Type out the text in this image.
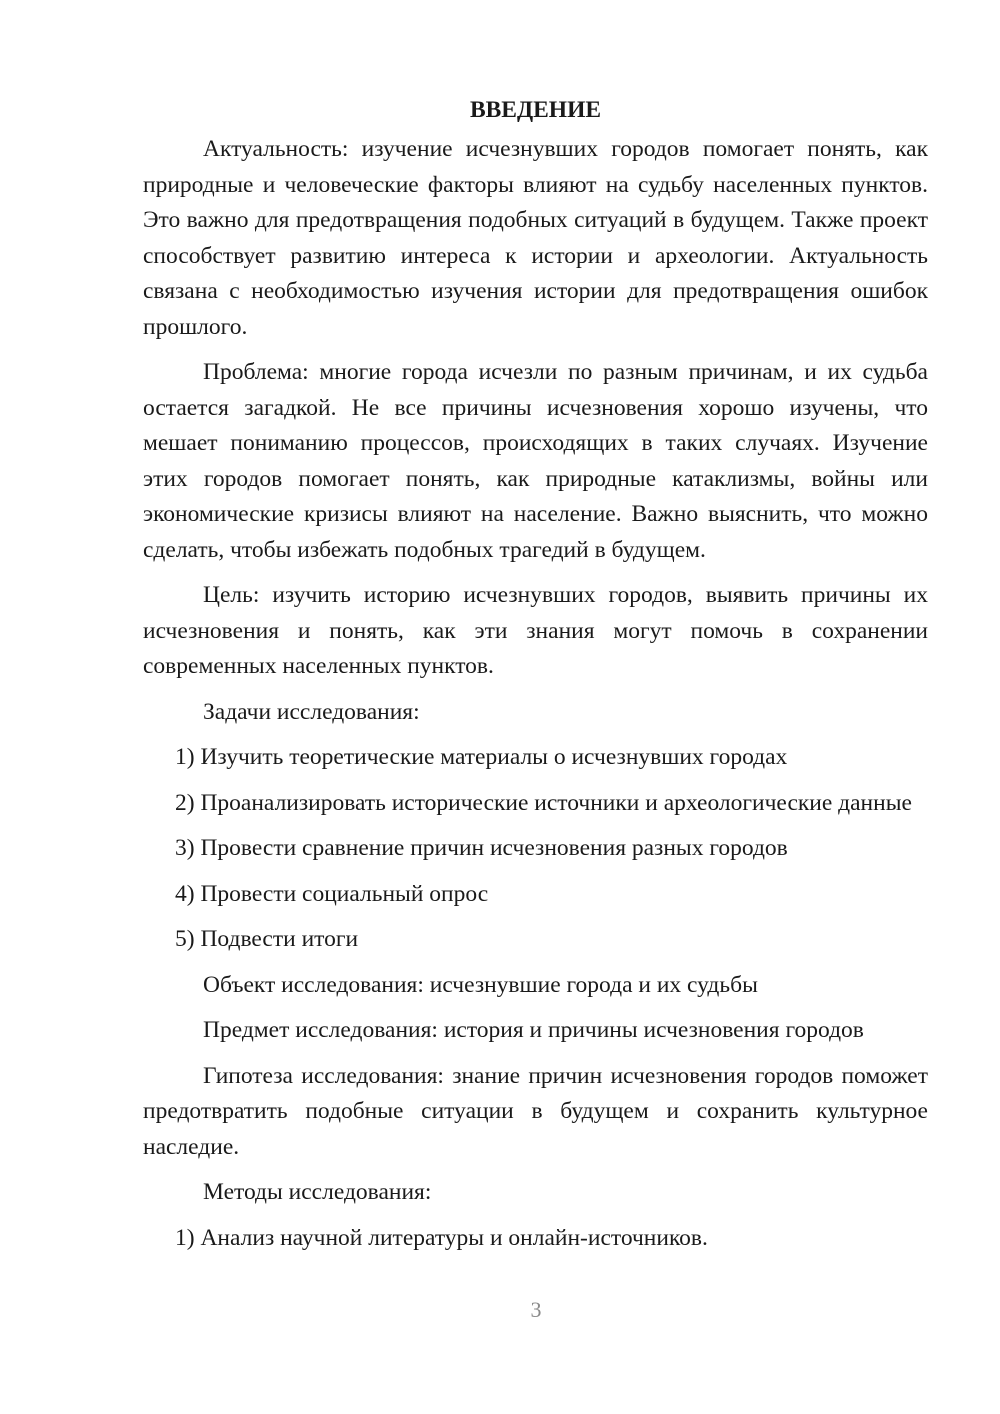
ВВЕДЕНИЕ

Актуальность: изучение исчезнувших городов помогает понять, как природные и человеческие факторы влияют на судьбу населенных пунктов. Это важно для предотвращения подобных ситуаций в будущем. Также проект способствует развитию интереса к истории и археологии. Актуальность связана с необходимостью изучения истории для предотвращения ошибок прошлого.

Проблема: многие города исчезли по разным причинам, и их судьба остается загадкой. Не все причины исчезновения хорошо изучены, что мешает пониманию процессов, происходящих в таких случаях. Изучение этих городов помогает понять, как природные катаклизмы, войны или экономические кризисы влияют на население. Важно выяснить, что можно сделать, чтобы избежать подобных трагедий в будущем.

Цель: изучить историю исчезнувших городов, выявить причины их исчезновения и понять, как эти знания могут помочь в сохранении современных населенных пунктов.

Задачи исследования:

1) Изучить теоретические материалы о исчезнувших городах

2) Проанализировать исторические источники и археологические данные

3) Провести сравнение причин исчезновения разных городов

4) Провести социальный опрос

5) Подвести итоги

Объект исследования: исчезнувшие города и их судьбы

Предмет исследования: история и причины исчезновения городов

Гипотеза исследования: знание причин исчезновения городов поможет предотвратить подобные ситуации в будущем и сохранить культурное наследие.

Методы исследования:

1) Анализ научной литературы и онлайн-источников.

3
